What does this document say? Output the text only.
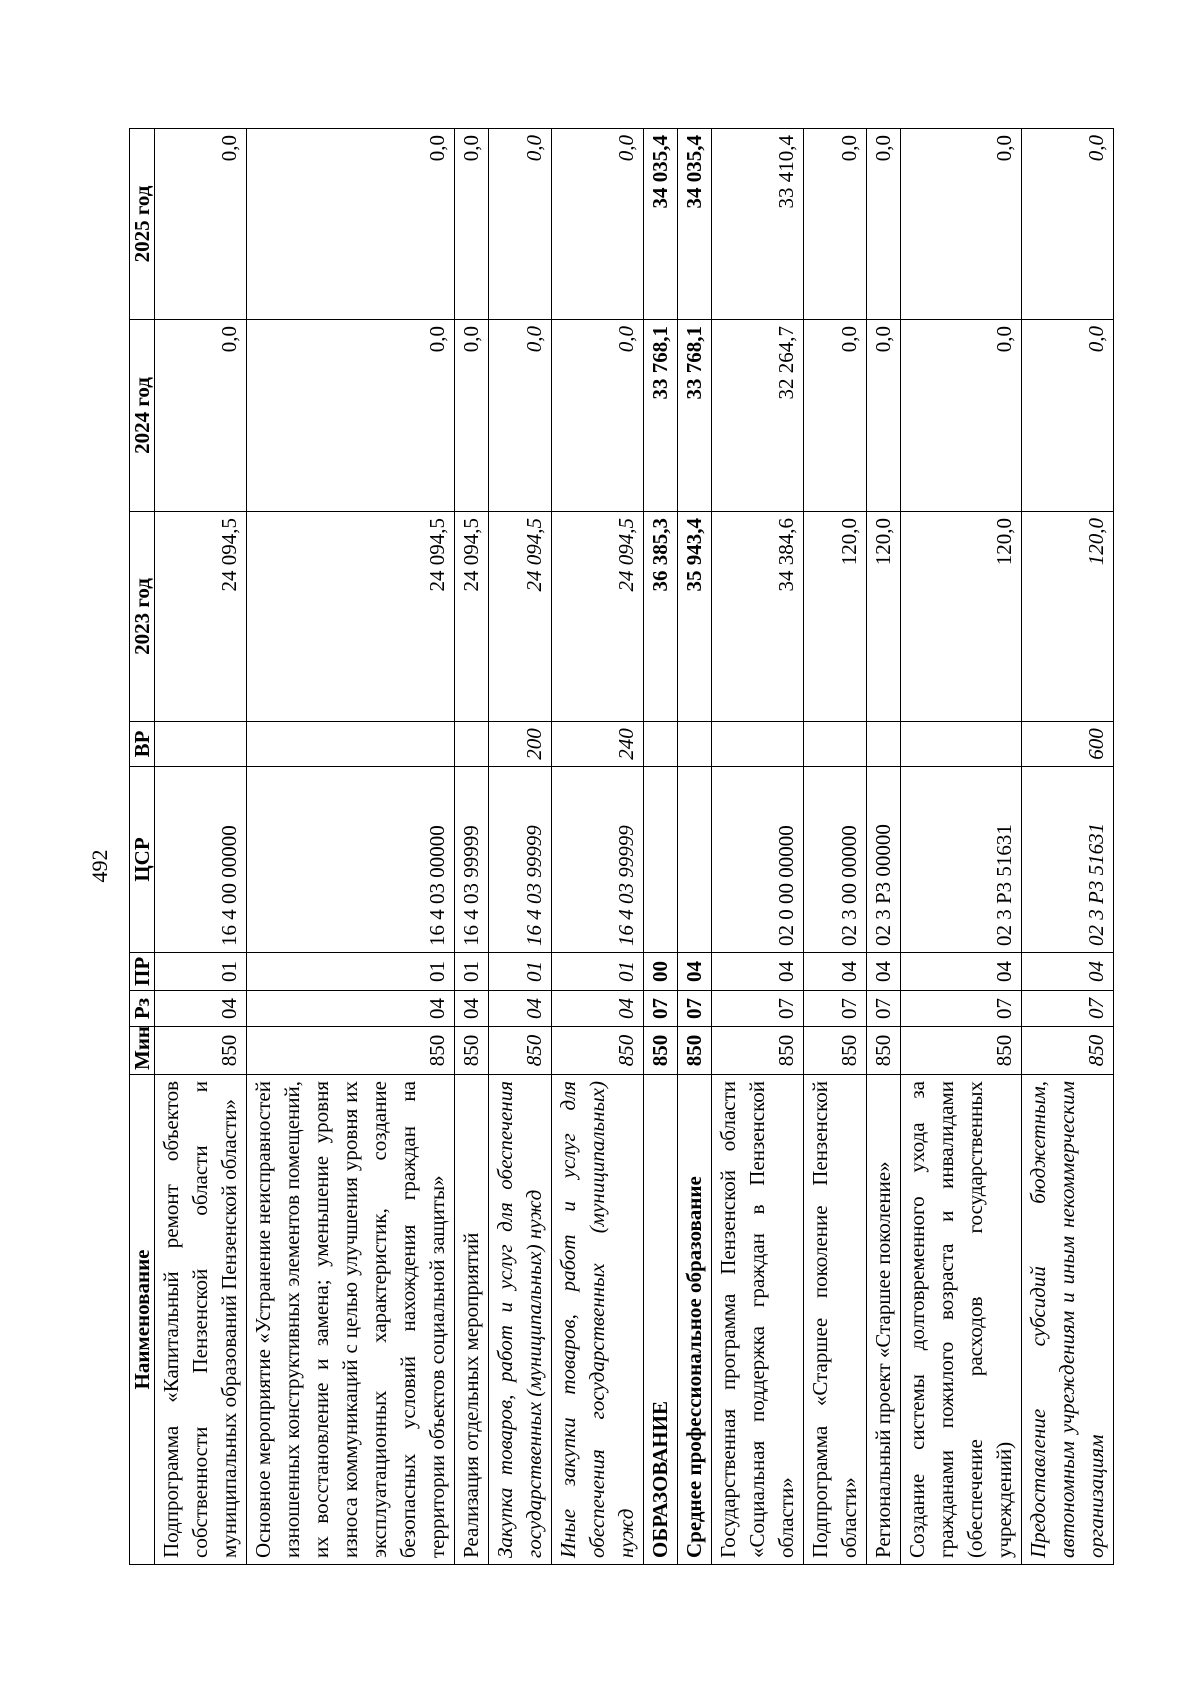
492
Наименование	Мин	Рз	ПР	ЦСР	ВР	2023 год	2024 год	2025 год
Подпрограмма «Капитальный ремонт объектов собственности Пензенской области и муниципальных образований Пензенской области»	850	04	01	16 4 00 00000		24 094,5	0,0	0,0
Основное мероприятие «Устранение неисправностей изношенных конструктивных элементов помещений, их восстановление и замена; уменьшение уровня износа коммуникаций с целью улучшения уровня их эксплуатационных характеристик, создание безопасных условий нахождения граждан на территории объектов социальной защиты»	850	04	01	16 4 03 00000		24 094,5	0,0	0,0
Реализация отдельных мероприятий	850	04	01	16 4 03 99999		24 094,5	0,0	0,0
Закупка товаров, работ и услуг для обеспечения государственных (муниципальных) нужд	850	04	01	16 4 03 99999	200	24 094,5	0,0	0,0
Иные закупки товаров, работ и услуг для обеспечения государственных (муниципальных) нужд	850	04	01	16 4 03 99999	240	24 094,5	0,0	0,0
ОБРАЗОВАНИЕ	850	07	00			36 385,3	33 768,1	34 035,4
Среднее профессиональное образование	850	07	04			35 943,4	33 768,1	34 035,4
Государственная программа Пензенской области «Социальная поддержка граждан в Пензенской области»	850	07	04	02 0 00 00000		34 384,6	32 264,7	33 410,4
Подпрограмма «Старшее поколение Пензенской области»	850	07	04	02 3 00 00000		120,0	0,0	0,0
Региональный проект «Старшее поколение»	850	07	04	02 3 P3 00000		120,0	0,0	0,0
Создание системы долговременного ухода за гражданами пожилого возраста и инвалидами (обеспечение расходов государственных учреждений)	850	07	04	02 3 P3 51631		120,0	0,0	0,0
Предоставление субсидий бюджетным, автономным учреждениям и иным некоммерческим организациям	850	07	04	02 3 P3 51631	600	120,0	0,0	0,0
